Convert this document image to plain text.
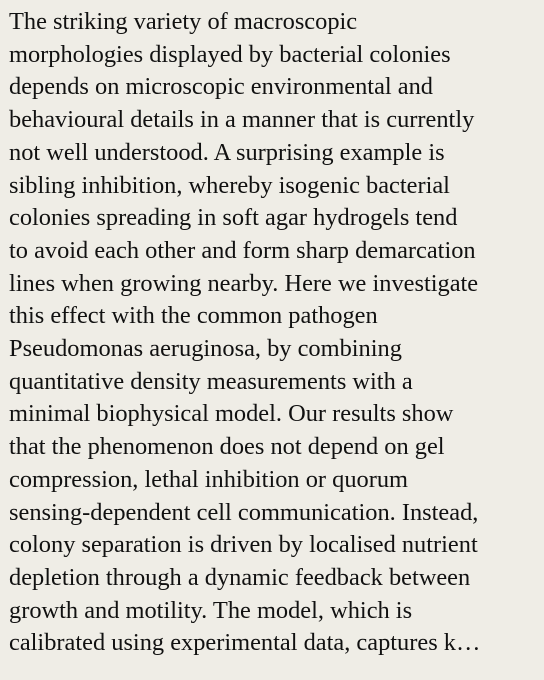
The striking variety of macroscopic
morphologies displayed by bacterial colonies
depends on microscopic environmental and
behavioural details in a manner that is currently
not well understood. A surprising example is
sibling inhibition, whereby isogenic bacterial
colonies spreading in soft agar hydrogels tend
to avoid each other and form sharp demarcation
lines when growing nearby. Here we investigate
this effect with the common pathogen
Pseudomonas aeruginosa, by combining
quantitative density measurements with a
minimal biophysical model. Our results show
that the phenomenon does not depend on gel
compression, lethal inhibition or quorum
sensing-dependent cell communication. Instead,
colony separation is driven by localised nutrient
depletion through a dynamic feedback between
growth and motility. The model, which is
calibrated using experimental data, captures k…
